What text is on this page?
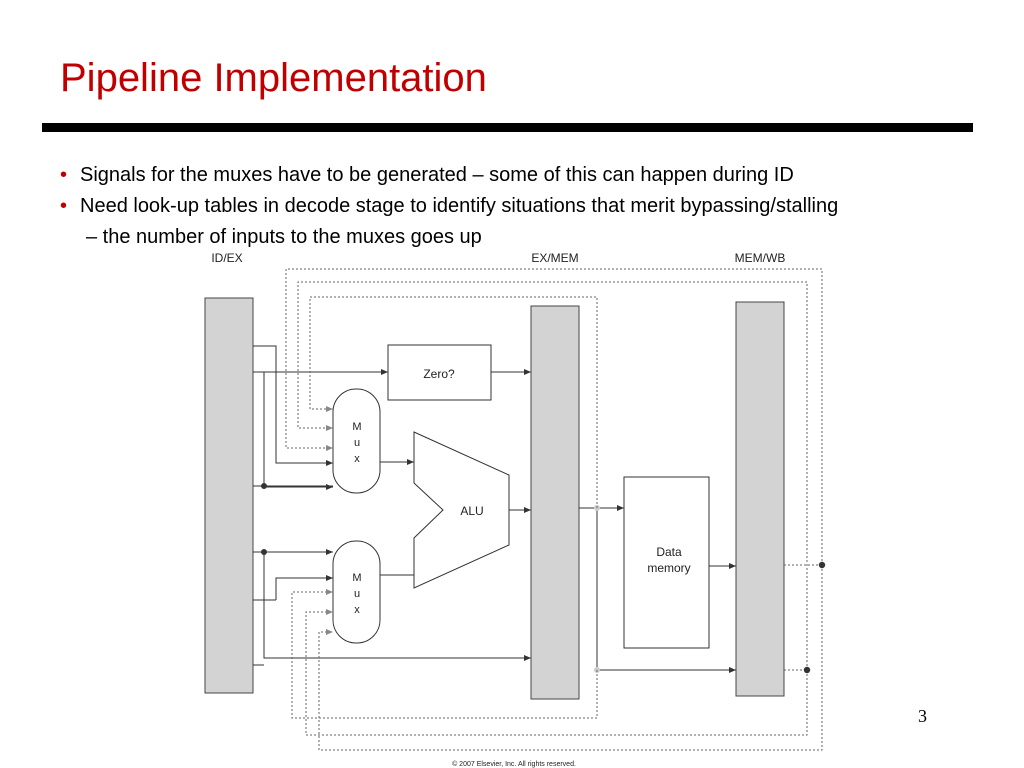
Pipeline Implementation
• Signals for the muxes have to be generated – some of this can happen during ID
• Need look-up tables in decode stage to identify situations that merit bypassing/stalling
– the number of inputs to the muxes goes up
ID/EX	EX/MEM	MEM/WB
Zero?
M
u
x
M
u
x
ALU
Data
memory
© 2007 Elsevier, Inc. All rights reserved.
3
